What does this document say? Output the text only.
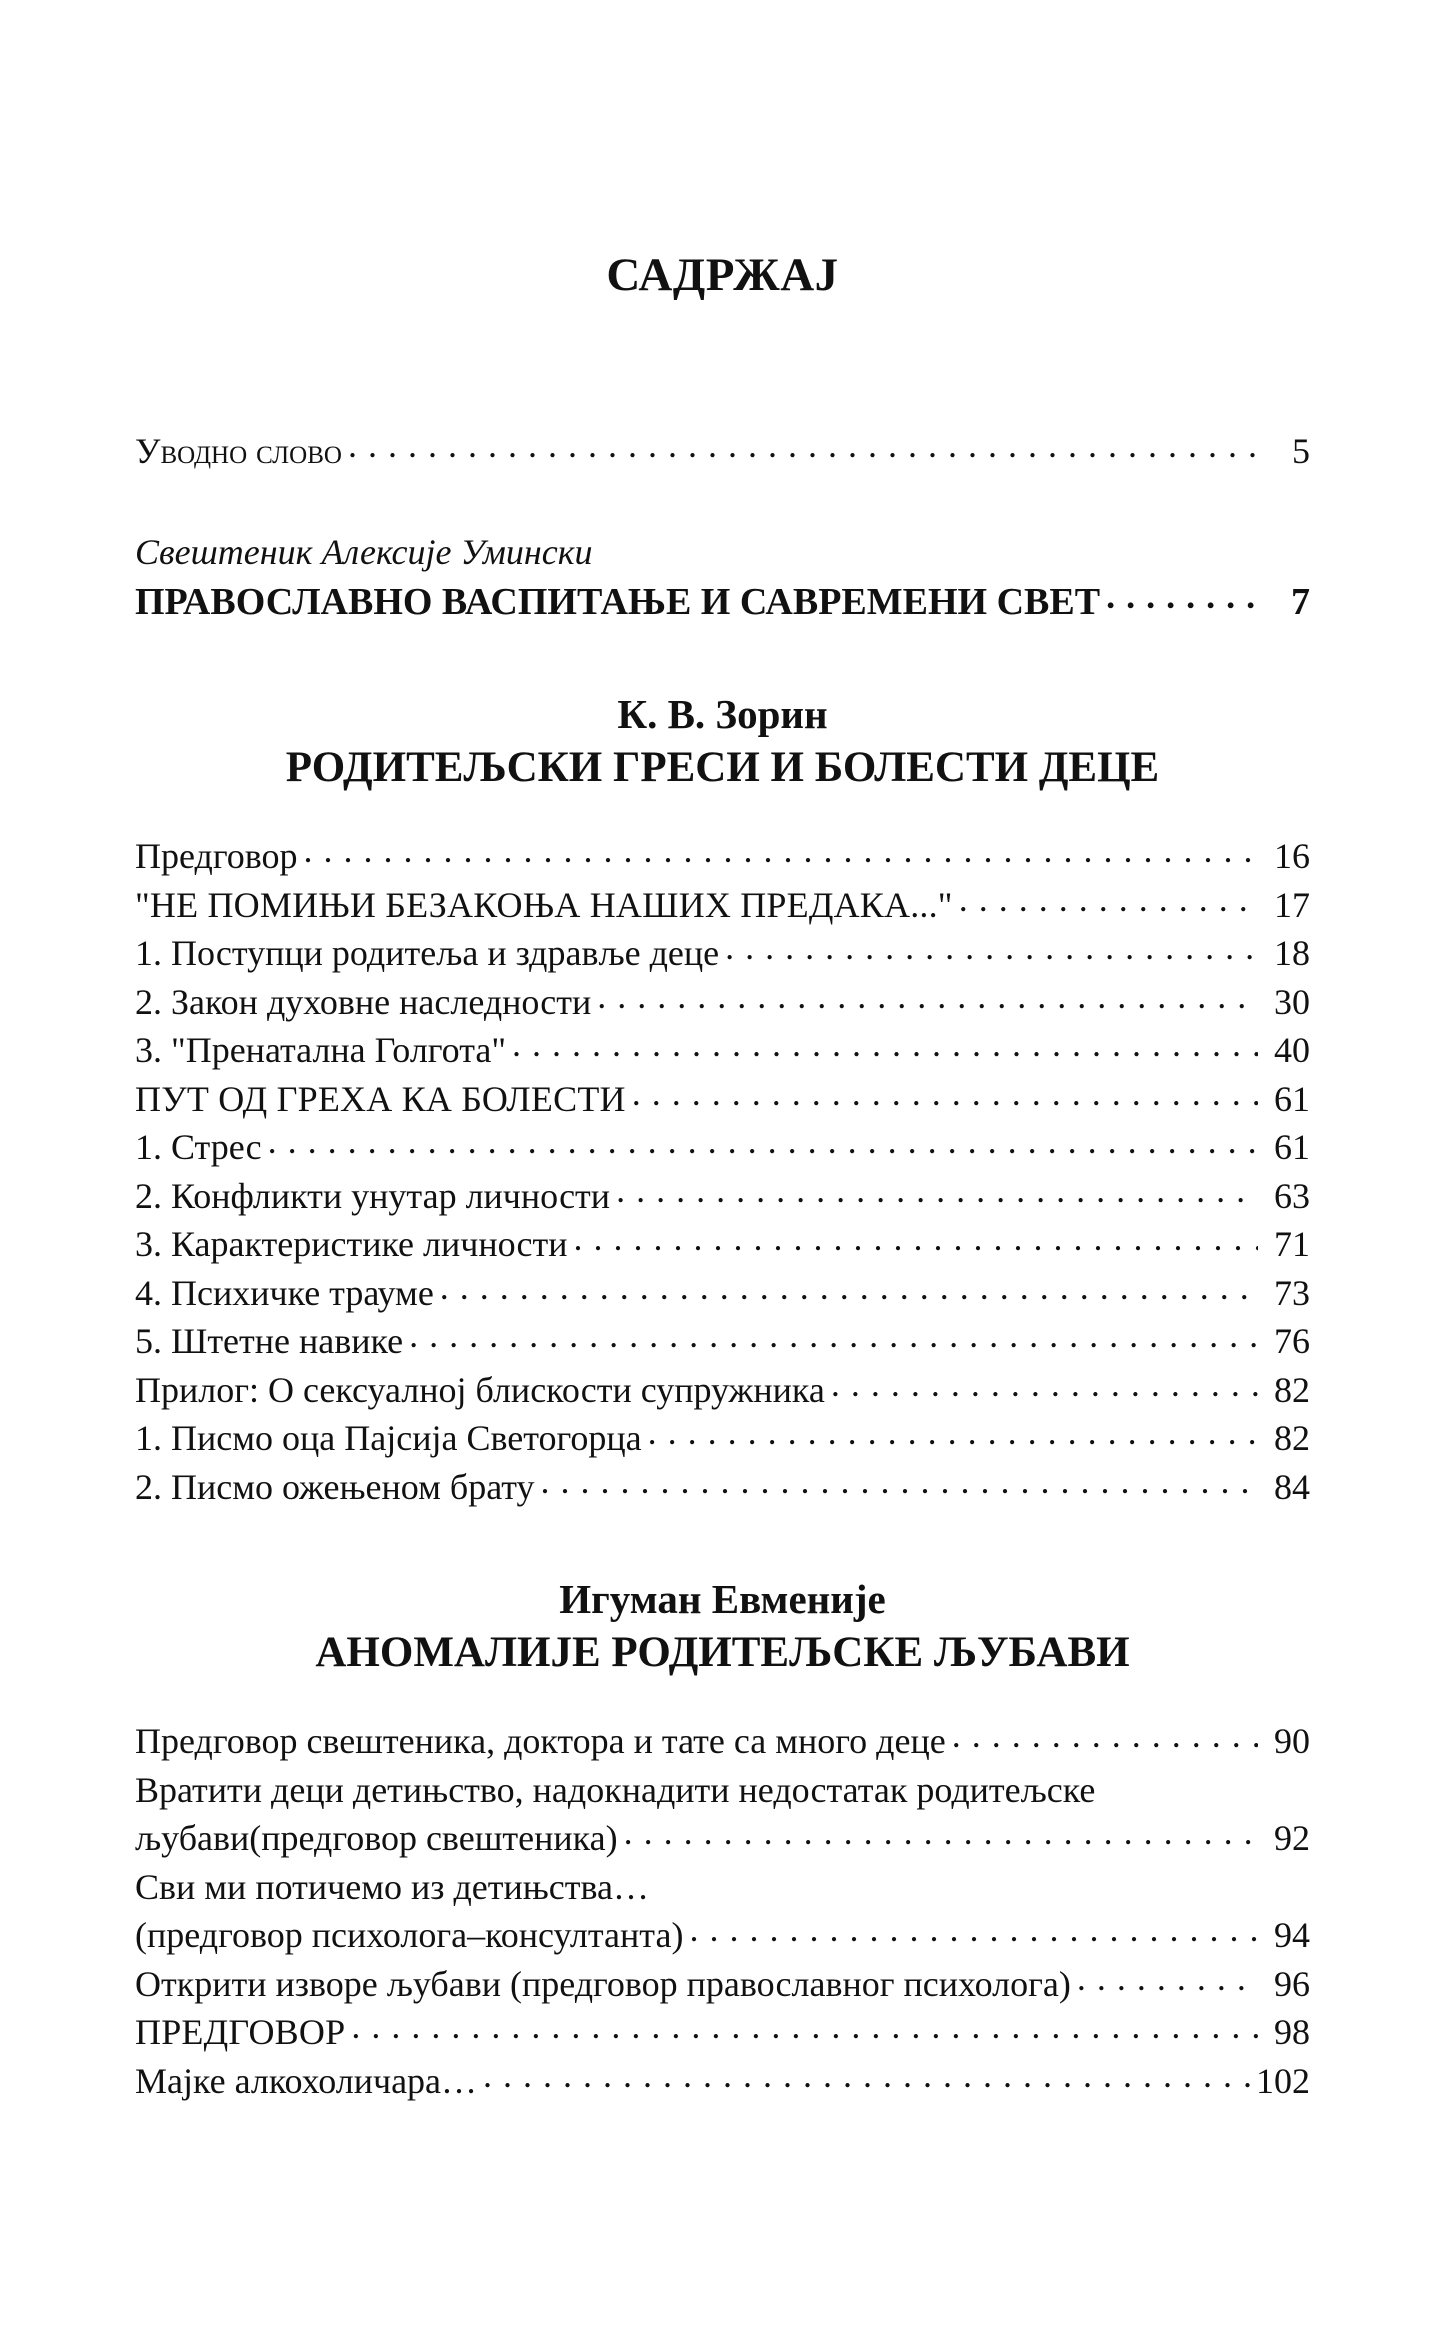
САДРЖАЈ
Уводно слово . . .	5
Свештеник Алексије Умински
ПРАВОСЛАВНО ВАСПИТАЊЕ И САВРЕМЕНИ СВЕТ . . .	7
К. В. Зорин
РОДИТЕЉСКИ ГРЕСИ И БОЛЕСТИ ДЕЦЕ
Предговор . . .	16
"НЕ ПОМИЊИ БЕЗАКОЊА НАШИХ ПРЕДАКА..." . . .	17
1. Поступци родитеља и здравље деце . . .	18
2. Закон духовне наследности . . .	30
3. "Пренатална Голгота" . . .	40
ПУТ ОД ГРЕХА КА БОЛЕСТИ . . .	61
1. Стрес . . .	61
2. Конфликти унутар личности . . .	63
3. Карактеристике личности . . .	71
4. Психичке трауме . . .	73
5. Штетне навике . . .	76
Прилог: О сексуалној блискости супружника . . .	82
1. Писмо оца Пајсија Светогорца . . .	82
2. Писмо ожењеном брату . . .	84
Игуман Евменије
АНОМАЛИЈЕ РОДИТЕЉСКЕ ЉУБАВИ
Предговор свештеника, доктора и тате са много деце . . .	90
Вратити деци детињство, надокнадити недостатак родитељске
љубави(предговор свештеника) . . .	92
Сви ми потичемо из детињства…
(предговор психолога–консултанта) . . .	94
Открити изворе љубави (предговор православног психолога) . . .	96
ПРЕДГОВОР . . .	98
Мајке алкохоличара… . . .	102
